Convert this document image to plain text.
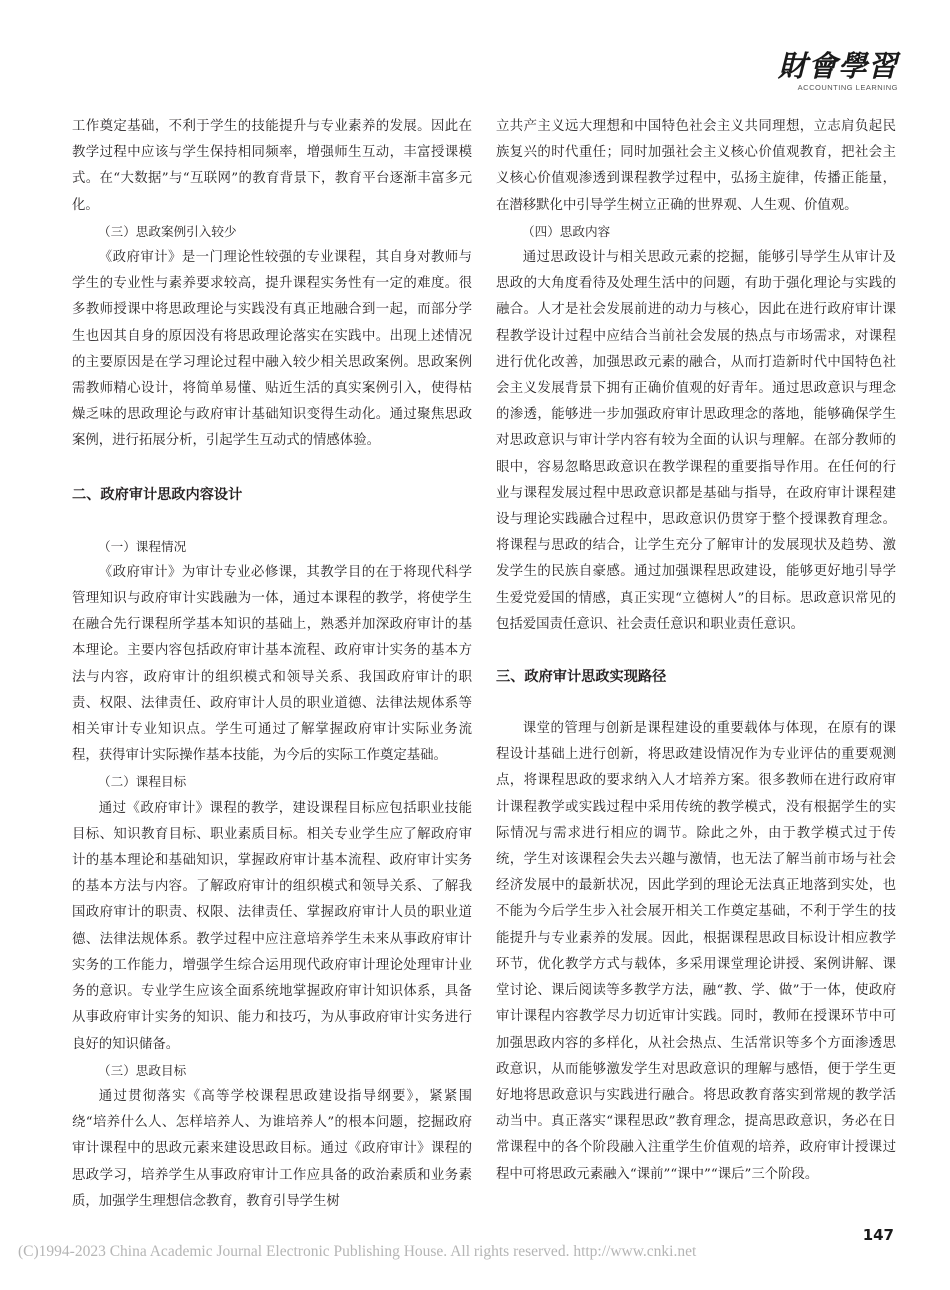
財會學習
ACCOUNTING LEARNING

工作奠定基础，不利于学生的技能提升与专业素养的发展。因此在教学过程中应该与学生保持相同频率，增强师生互动，丰富授课模式。在“大数据”与“互联网”的教育背景下，教育平台逐渐丰富多元化。

（三）思政案例引入较少

《政府审计》是一门理论性较强的专业课程，其自身对教师与学生的专业性与素养要求较高，提升课程实务性有一定的难度。很多教师授课中将思政理论与实践没有真正地融合到一起，而部分学生也因其自身的原因没有将思政理论落实在实践中。出现上述情况的主要原因是在学习理论过程中融入较少相关思政案例。思政案例需教师精心设计，将简单易懂、贴近生活的真实案例引入，使得枯燥乏味的思政理论与政府审计基础知识变得生动化。通过聚焦思政案例，进行拓展分析，引起学生互动式的情感体验。

二、政府审计思政内容设计
（一）课程情况

《政府审计》为审计专业必修课，其教学目的在于将现代科学管理知识与政府审计实践融为一体，通过本课程的教学，将使学生在融合先行课程所学基本知识的基础上，熟悉并加深政府审计的基本理论。主要内容包括政府审计基本流程、政府审计实务的基本方法与内容，政府审计的组织模式和领导关系、我国政府审计的职责、权限、法律责任、政府审计人员的职业道德、法律法规体系等相关审计专业知识点。学生可通过了解掌握政府审计实际业务流程，获得审计实际操作基本技能，为今后的实际工作奠定基础。

（二）课程目标

通过《政府审计》课程的教学，建设课程目标应包括职业技能目标、知识教育目标、职业素质目标。相关专业学生应了解政府审计的基本理论和基础知识，掌握政府审计基本流程、政府审计实务的基本方法与内容。了解政府审计的组织模式和领导关系、了解我国政府审计的职责、权限、法律责任、掌握政府审计人员的职业道德、法律法规体系。教学过程中应注意培养学生未来从事政府审计实务的工作能力，增强学生综合运用现代政府审计理论处理审计业务的意识。专业学生应该全面系统地掌握政府审计知识体系，具备从事政府审计实务的知识、能力和技巧，为从事政府审计实务进行良好的知识储备。

（三）思政目标

通过贯彻落实《高等学校课程思政建设指导纲要》，紧紧围绕“培养什么人、怎样培养人、为谁培养人”的根本问题，挖掘政府审计课程中的思政元素来建设思政目标。通过《政府审计》课程的思政学习，培养学生从事政府审计工作应具备的政治素质和业务素质，加强学生理想信念教育，教育引导学生树

立共产主义远大理想和中国特色社会主义共同理想，立志肩负起民族复兴的时代重任；同时加强社会主义核心价值观教育，把社会主义核心价值观渗透到课程教学过程中，弘扬主旋律，传播正能量，在潜移默化中引导学生树立正确的世界观、人生观、价值观。

（四）思政内容

通过思政设计与相关思政元素的挖掘，能够引导学生从审计及思政的大角度看待及处理生活中的问题，有助于强化理论与实践的融合。人才是社会发展前进的动力与核心，因此在进行政府审计课程教学设计过程中应结合当前社会发展的热点与市场需求，对课程进行优化改善，加强思政元素的融合，从而打造新时代中国特色社会主义发展背景下拥有正确价值观的好青年。通过思政意识与理念的渗透，能够进一步加强政府审计思政理念的落地，能够确保学生对思政意识与审计学内容有较为全面的认识与理解。在部分教师的眼中，容易忽略思政意识在教学课程的重要指导作用。在任何的行业与课程发展过程中思政意识都是基础与指导，在政府审计课程建设与理论实践融合过程中，思政意识仍贯穿于整个授课教育理念。将课程与思政的结合，让学生充分了解审计的发展现状及趋势、激发学生的民族自豪感。通过加强课程思政建设，能够更好地引导学生爱党爱国的情感，真正实现“立德树人”的目标。思政意识常见的包括爱国责任意识、社会责任意识和职业责任意识。

三、政府审计思政实现路径

课堂的管理与创新是课程建设的重要载体与体现，在原有的课程设计基础上进行创新，将思政建设情况作为专业评估的重要观测点，将课程思政的要求纳入人才培养方案。很多教师在进行政府审计课程教学或实践过程中采用传统的教学模式，没有根据学生的实际情况与需求进行相应的调节。除此之外，由于教学模式过于传统，学生对该课程会失去兴趣与激情，也无法了解当前市场与社会经济发展中的最新状况，因此学到的理论无法真正地落到实处，也不能为今后学生步入社会展开相关工作奠定基础，不利于学生的技能提升与专业素养的发展。因此，根据课程思政目标设计相应教学环节，优化教学方式与载体，多采用课堂理论讲授、案例讲解、课堂讨论、课后阅读等多教学方法，融“教、学、做”于一体，使政府审计课程内容教学尽力切近审计实践。同时，教师在授课环节中可加强思政内容的多样化，从社会热点、生活常识等多个方面渗透思政意识，从而能够激发学生对思政意识的理解与感悟，便于学生更好地将思政意识与实践进行融合。将思政教育落实到常规的教学活动当中。真正落实“课程思政”教育理念，提高思政意识，务必在日常课程中的各个阶段融入注重学生价值观的培养，政府审计授课过程中可将思政元素融入“课前”“课中”“课后”三个阶段。

147
(C)1994-2023 China Academic Journal Electronic Publishing House. All rights reserved. http://www.cnki.net
